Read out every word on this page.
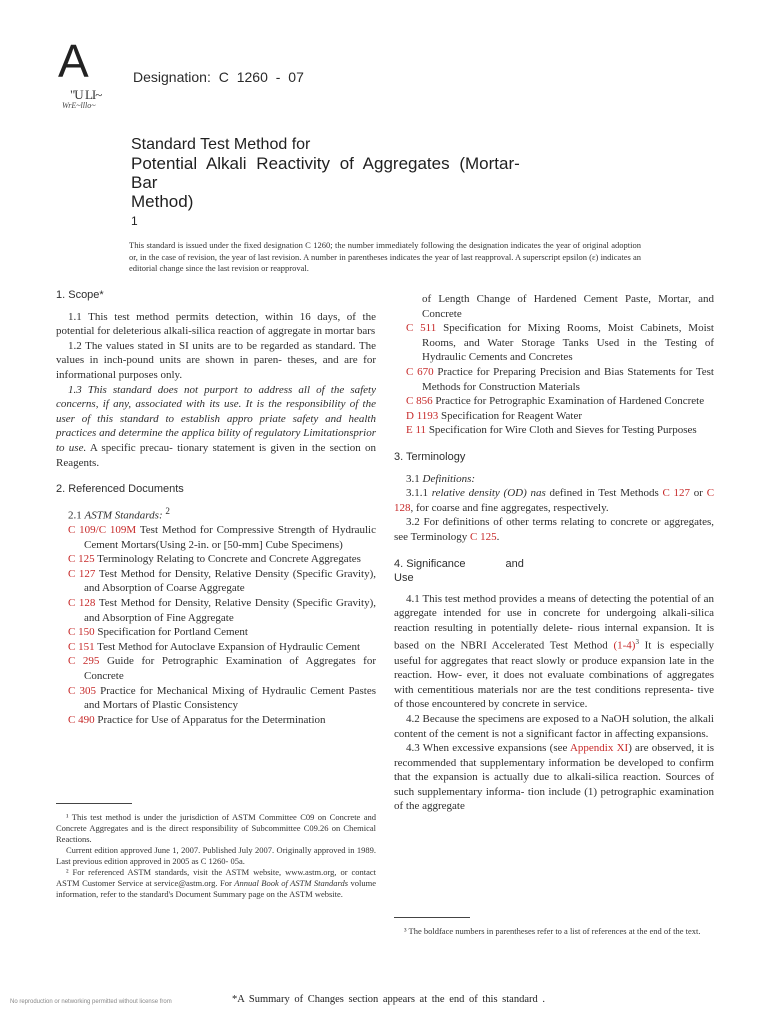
A
"U LI~
WrE~lllo~
Designation: C 1260 - 07
Standard Test Method for
Potential Alkali Reactivity of Aggregates (Mortar-
Bar
Method)
1
This standard is issued under the fixed designation C 1260; the number immediately following the designation indicates the year of original adoption or, in the case of revision, the year of last revision. A number in parentheses indicates the year of last reapproval. A superscript epsilon (ε) indicates an editorial change since the last revision or reapproval.
1. Scope*

1.1 This test method permits detection, within 16 days, of the potential for deleterious alkali-silica reaction of aggregate in mortar bars

1.2 The values stated in SI units are to be regarded as standard. The values in inch-pound units are shown in paren- theses, and are for informational purposes only.

1.3 This standard does not purport to address all of the safety concerns, if any, associated with its use. It is the responsibility of the user of this standard to establish appro priate safety and health practices and determine the applica bility of regulatory Limitationsprior to use. A specific precau- tionary statement is given in the section on Reagents.

2. Referenced Documents

2.1 ASTM Standards: $^2$

C 109/C 109M Test Method for Compressive Strength of Hydraulic Cement Mortars(Using 2-in. or [50-mm] Cube Specimens)

C 125 Terminology Relating to Concrete and Concrete Aggregates

C 127 Test Method for Density, Relative Density (Specific Gravity), and Absorption of Coarse Aggregate

C 128 Test Method for Density, Relative Density (Specific Gravity), and Absorption of Fine Aggregate

C 150 Specification for Portland Cement

C 151 Test Method for Autoclave Expansion of Hydraulic Cement

C 295 Guide for Petrographic Examination of Aggregates for Concrete

C 305 Practice for Mechanical Mixing of Hydraulic Cement Pastes and Mortars of Plastic Consistency

C 490 Practice for Use of Apparatus for the Determination

of Length Change of Hardened Cement Paste, Mortar, and Concrete

C 511 Specification for Mixing Rooms, Moist Cabinets, Moist Rooms, and Water Storage Tanks Used in the Testing of Hydraulic Cements and Concretes

C 670 Practice for Preparing Precision and Bias Statements for Test Methods for Construction Materials

C 856 Practice for Petrographic Examination of Hardened Concrete

D 1193 Specification for Reagent Water

E 11 Specification for Wire Cloth and Sieves for Testing Purposes

3. Terminology

3.1 Definitions:

3.1.1 relative density (OD) nas defined in Test Methods C 127 or C 128, for coarse and fine aggregates, respectively.

3.2 For definitions of other terms relating to concrete or aggregates, see Terminology C 125.

4. Significance	and
Use

4.1 This test method provides a means of detecting the potential of an aggregate intended for use in concrete for undergoing alkali-silica reaction resulting in potentially delete- rious internal expansion. It is based on the NBRI Accelerated Test Method $(1-4)^3$ It is especially useful for aggregates that react slowly or produce expansion late in the reaction. How- ever, it does not evaluate combinations of aggregates with cementitious materials nor are the test conditions representa- tive of those encountered by concrete in service.

4.2 Because the specimens are exposed to a NaOH solution, the alkali content of the cement is not a significant factor in affecting expansions.

4.3 When excessive expansions (see Appendix XI) are observed, it is recommended that supplementary information be developed to confirm that the expansion is actually due to alkali-silica reaction. Sources of such supplementary informa- tion include (1) petrographic examination of the aggregate

¹ This test method is under the jurisdiction of ASTM Committee C09 on Concrete and Concrete Aggregates and is the direct responsibility of Subcommittee C09.26 on Chemical Reactions.
Current edition approved June 1, 2007. Published July 2007. Originally approved in 1989. Last previous edition approved in 2005 as C 1260- 05a.
² For referenced ASTM standards, visit the ASTM website, www.astm.org, or contact ASTM Customer Service at service@astm.org. For Annual Book of ASTM Standards volume information, refer to the standard's Document Summary page on the ASTM website.
³ The boldface numbers in parentheses refer to a list of references at the end of the text.
*A Summary of Changes section appears at the end of this standard .
No reproduction or networking permitted without license from
